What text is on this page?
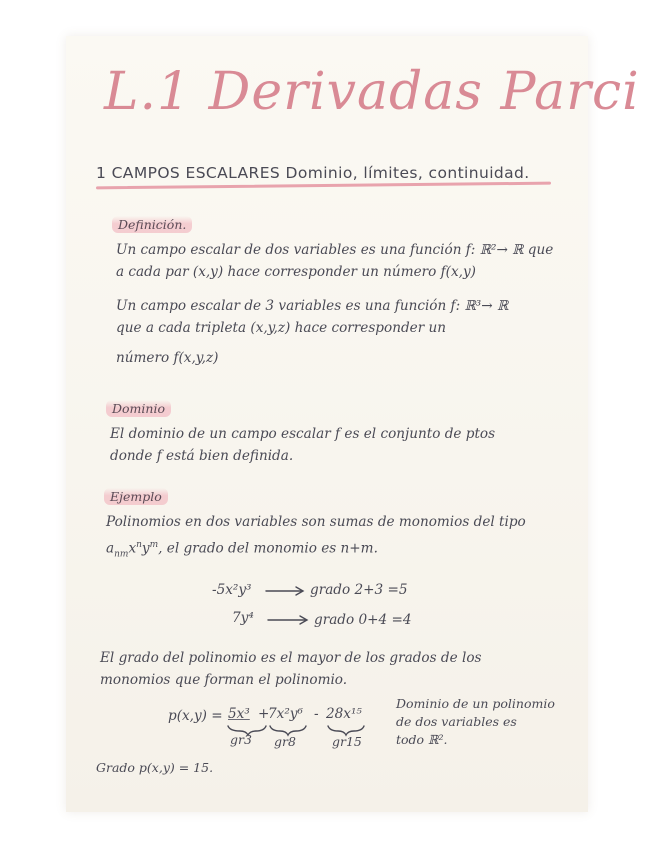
L.1 Derivadas Parci
1 CAMPOS ESCALARES Dominio, límites, continuidad.
Definición.
Un campo escalar de dos variables es una función f: ℝ²→ ℝ que
a cada par (x,y) hace corresponder un número f(x,y)
Un campo escalar de 3 variables es una función f: ℝ³→ ℝ
que a cada tripleta (x,y,z) hace corresponder un
número f(x,y,z)
Dominio
El dominio de un campo escalar f es el conjunto de ptos
donde f está bien definida.
Ejemplo
Polinomios en dos variables son sumas de monomios del tipo
$a_{nm}x^ny^m$, el grado del monomio es n+m.
-5x²y³	grado 2+3 =5
7y⁴	grado 0+4 =4
El grado del polinomio es el mayor de los grados de los
monomios que forman el polinomio.
p(x,y) = 5x³ +
7x²y⁶ - 28x¹⁵
gr3 gr8	gr15
Dominio de un polinomio
de dos variables es
todo ℝ².
Grado p(x,y) = 15.
